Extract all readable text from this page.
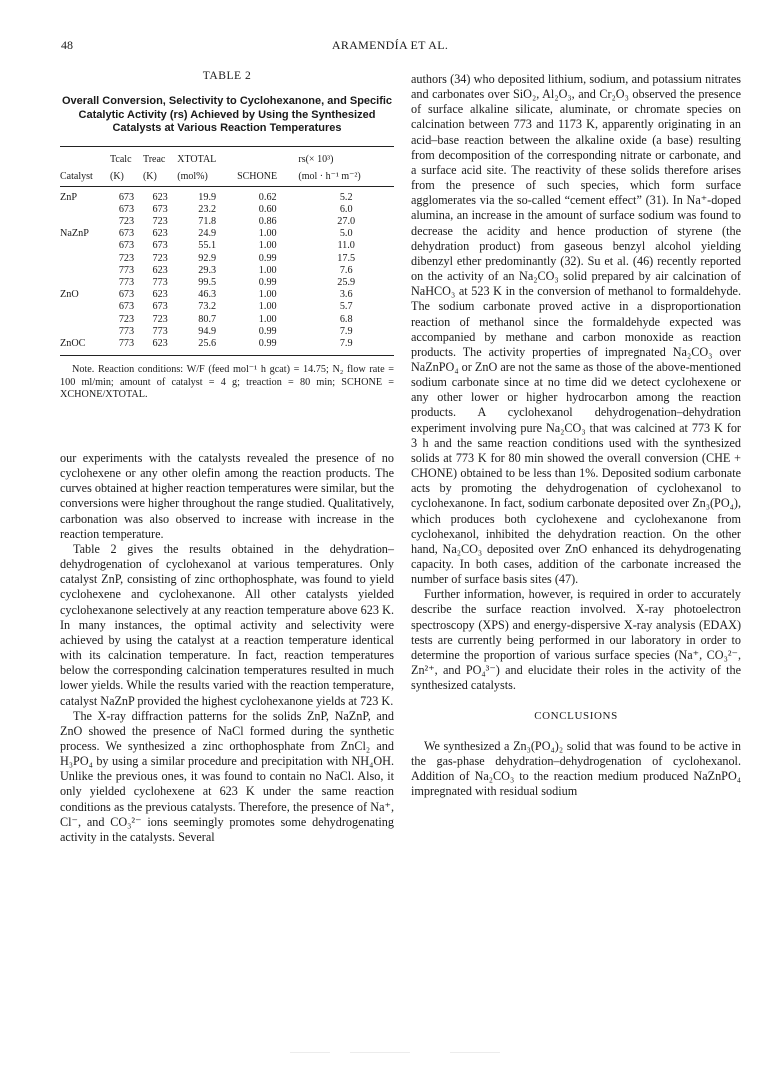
48	ARAMENDÍA ET AL.
TABLE 2
Overall Conversion, Selectivity to Cyclohexanone, and Specific Catalytic Activity (rs) Achieved by Using the Synthesized Catalysts at Various Reaction Temperatures
	Tcalc	Treac	XTOTAL		rs(× 10³)
Catalyst	(K)	(K)	(mol%)	SCHONE	(mol · h⁻¹ m⁻²)
ZnP	673	623	19.9	0.62	5.2
	673	673	23.2	0.60	6.0
	723	723	71.8	0.86	27.0
NaZnP	673	623	24.9	1.00	5.0
	673	673	55.1	1.00	11.0
	723	723	92.9	0.99	17.5
	773	623	29.3	1.00	7.6
	773	773	99.5	0.99	25.9
ZnO	673	623	46.3	1.00	3.6
	673	673	73.2	1.00	5.7
	723	723	80.7	1.00	6.8
	773	773	94.9	0.99	7.9
ZnOC	773	623	25.6	0.99	7.9
Note. Reaction conditions: W/F (feed mol⁻¹ h gcat) = 14.75; N₂ flow rate = 100 ml/min; amount of catalyst = 4 g; treaction = 80 min; SCHONE = XCHONE/XTOTAL.

our experiments with the catalysts revealed the presence of no cyclohexene or any other olefin among the reaction products. The curves obtained at higher reaction temperatures were similar, but the conversions were higher throughout the range studied. Qualitatively, carbonation was also observed to increase with increase in the reaction temperature.

Table 2 gives the results obtained in the dehydration–dehydrogenation of cyclohexanol at various temperatures. Only catalyst ZnP, consisting of zinc orthophosphate, was found to yield cyclohexene and cyclohexanone. All other catalysts yielded cyclohexanone selectively at any reaction temperature above 623 K. In many instances, the optimal activity and selectivity were achieved by using the catalyst at a reaction temperature identical with its calcination temperature. In fact, reaction temperatures below the corresponding calcination temperatures resulted in much lower yields. While the results varied with the reaction temperature, catalyst NaZnP provided the highest cyclohexanone yields at 723 K.

The X-ray diffraction patterns for the solids ZnP, NaZnP, and ZnO showed the presence of NaCl formed during the synthetic process. We synthesized a zinc orthophosphate from ZnCl₂ and H₃PO₄ by using a similar procedure and precipitation with NH₄OH. Unlike the previous ones, it was found to contain no NaCl. Also, it only yielded cyclohexene at 623 K under the same reaction conditions as the previous catalysts. Therefore, the presence of Na⁺, Cl⁻, and CO₃²⁻ ions seemingly promotes some dehydrogenating activity in the catalysts. Several

authors (34) who deposited lithium, sodium, and potassium nitrates and carbonates over SiO₂, Al₂O₃, and Cr₂O₃ observed the presence of surface alkaline silicate, aluminate, or chromate species on calcination between 773 and 1173 K, apparently originating in an acid–base reaction between the alkaline oxide (a base) resulting from decomposition of the corresponding nitrate or carbonate, and a surface acid site. The reactivity of these solids therefore arises from the presence of such species, which form surface agglomerates via the so-called “cement effect” (31). In Na⁺-doped alumina, an increase in the amount of surface sodium was found to decrease the acidity and hence production of styrene (the dehydration product) from gaseous benzyl alcohol yielding dibenzyl ether predominantly (32). Su et al. (46) recently reported on the activity of an Na₂CO₃ solid prepared by air calcination of NaHCO₃ at 523 K in the conversion of methanol to formaldehyde. The sodium carbonate proved active in a disproportionation reaction of methanol since the formaldehyde expected was accompanied by methane and carbon monoxide as reaction products. The activity properties of impregnated Na₂CO₃ over NaZnPO₄ or ZnO are not the same as those of the above-mentioned sodium carbonate since at no time did we detect cyclohexene or any other lower or higher hydrocarbon among the reaction products. A cyclohexanol dehydrogenation–dehydration experiment involving pure Na₂CO₃ that was calcined at 773 K for 3 h and the same reaction conditions used with the synthesized solids at 773 K for 80 min showed the overall conversion (CHE + CHONE) obtained to be less than 1%. Deposited sodium carbonate acts by promoting the dehydrogenation of cyclohexanol to cyclohexanone. In fact, sodium carbonate deposited over Zn₃(PO₄), which produces both cyclohexene and cyclohexanone from cyclohexanol, inhibited the dehydration reaction. On the other hand, Na₂CO₃ deposited over ZnO enhanced its dehydrogenating capacity. In both cases, addition of the carbonate increased the number of surface basis sites (47).

Further information, however, is required in order to accurately describe the surface reaction involved. X-ray photoelectron spectroscopy (XPS) and energy-dispersive X-ray analysis (EDAX) tests are currently being performed in our laboratory in order to determine the proportion of various surface species (Na⁺, CO₃²⁻, Zn²⁺, and PO₄³⁻) and elucidate their roles in the activity of the synthesized catalysts.

CONCLUSIONS

We synthesized a Zn₃(PO₄)₂ solid that was found to be active in the gas-phase dehydration–dehydrogenation of cyclohexanol. Addition of Na₂CO₃ to the reaction medium produced NaZnPO₄ impregnated with residual sodium
